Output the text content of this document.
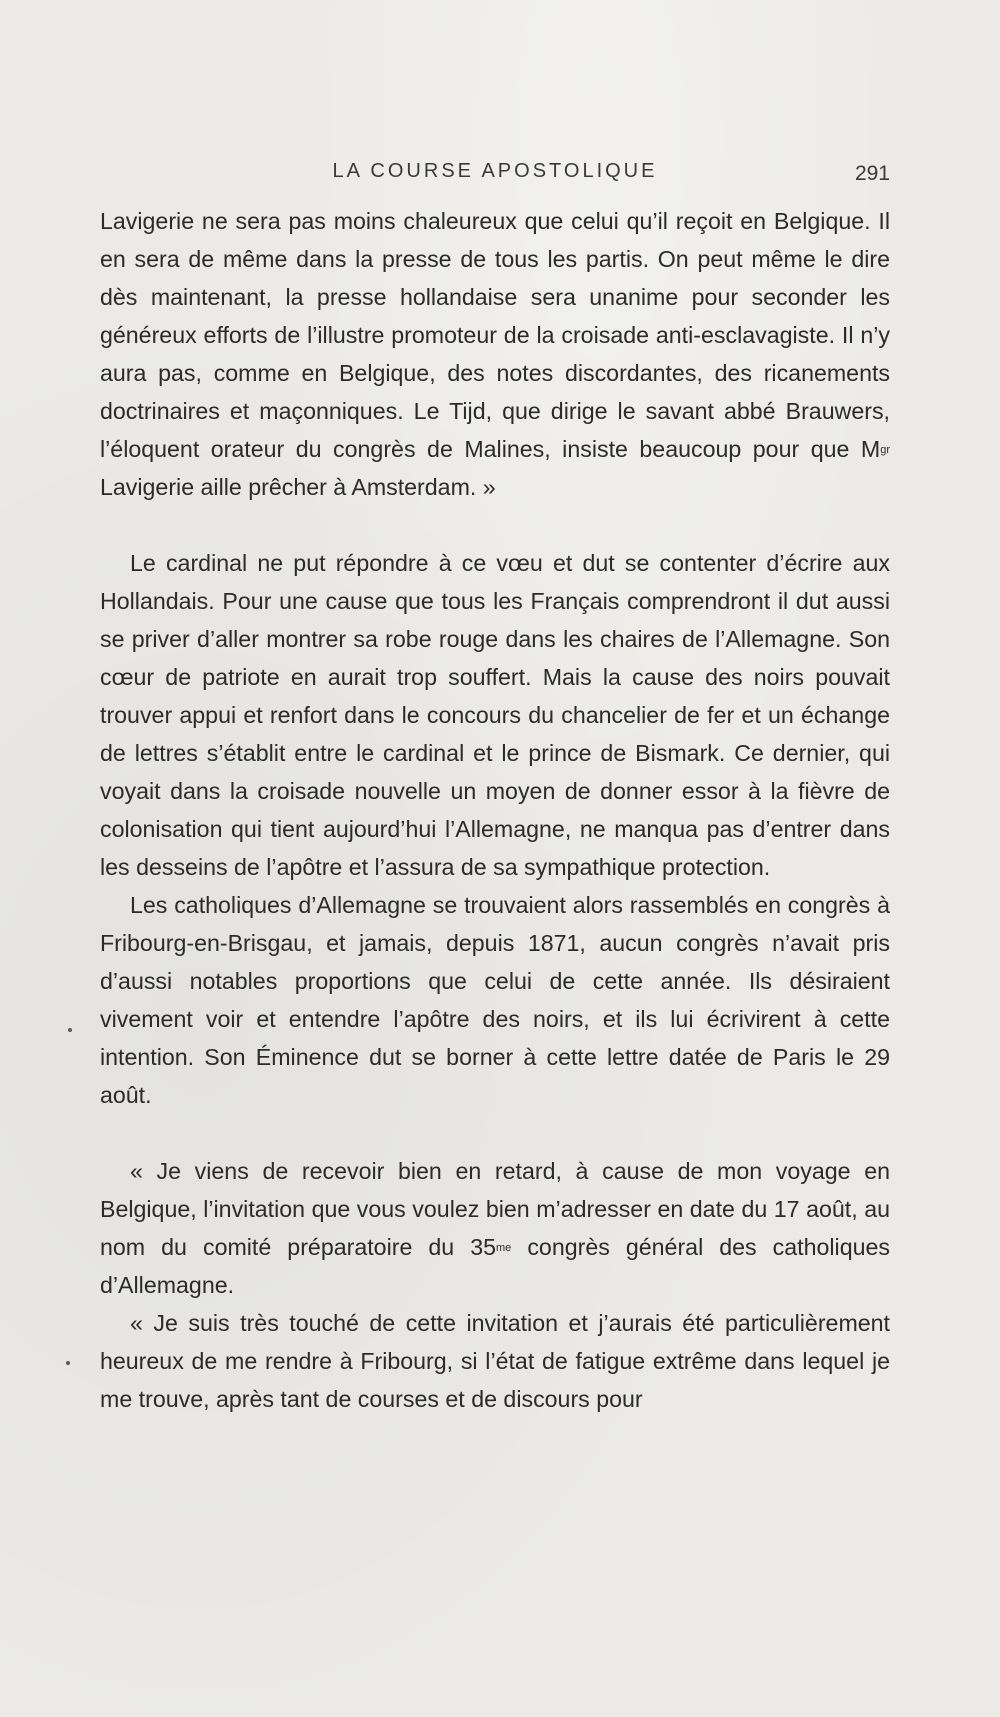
LA COURSE APOSTOLIQUE	291

Lavigerie ne sera pas moins chaleureux que celui qu’il reçoit en Belgique. Il en sera de même dans la presse de tous les partis. On peut même le dire dès maintenant, la presse hollandaise sera unanime pour seconder les généreux efforts de l’illustre promoteur de la croisade anti-esclavagiste. Il n’y aura pas, comme en Belgique, des notes discordantes, des ricanements doctrinaires et maçonniques. Le Tijd, que dirige le savant abbé Brauwers, l’éloquent orateur du congrès de Malines, insiste beaucoup pour que $M^{gr}$ Lavigerie aille prêcher à Amsterdam. »

Le cardinal ne put répondre à ce vœu et dut se contenter d’écrire aux Hollandais. Pour une cause que tous les Français comprendront il dut aussi se priver d’aller montrer sa robe rouge dans les chaires de l’Allemagne. Son cœur de patriote en aurait trop souffert. Mais la cause des noirs pouvait trouver appui et renfort dans le concours du chancelier de fer et un échange de lettres s’établit entre le cardinal et le prince de Bismark. Ce dernier, qui voyait dans la croisade nouvelle un moyen de donner essor à la fièvre de colonisation qui tient aujourd’hui l’Allemagne, ne manqua pas d’entrer dans les desseins de l’apôtre et l’assura de sa sympathique protection.

Les catholiques d’Allemagne se trouvaient alors rassemblés en congrès à Fribourg-en-Brisgau, et jamais, depuis 1871, aucun congrès n’avait pris d’aussi notables proportions que celui de cette année. Ils désiraient vivement voir et entendre l’apôtre des noirs, et ils lui écrivirent à cette intention. Son Éminence dut se borner à cette lettre datée de Paris le 29 août.

« Je viens de recevoir bien en retard, à cause de mon voyage en Belgique, l’invitation que vous voulez bien m’adresser en date du 17 août, au nom du comité préparatoire du $35^{me}$ congrès général des catholiques d’Allemagne.

« Je suis très touché de cette invitation et j’aurais été particulièrement heureux de me rendre à Fribourg, si l’état de fatigue extrême dans lequel je me trouve, après tant de courses et de discours pour
